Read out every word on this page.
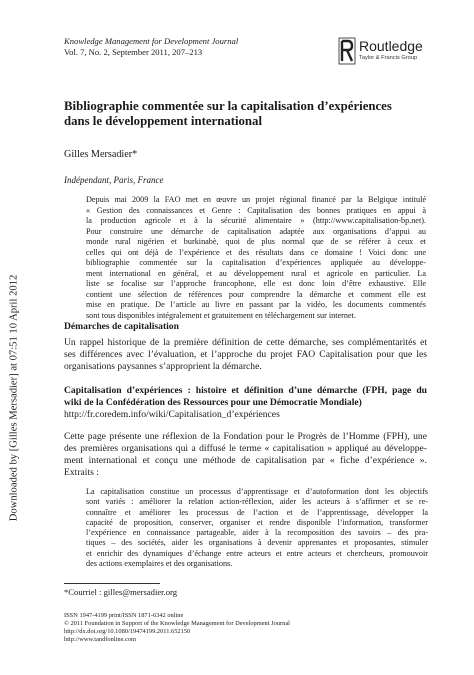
Downloaded by [Gilles Mersadier] at 07:51 10 April 2012
Knowledge Management for Development Journal
Vol. 7, No. 2, September 2011, 207–213	Routledge
Taylor & Francis Group
Bibliographie commentée sur la capitalisation d’expériences
dans le développement international
Gilles Mersadier*
Indépendant, Paris, France
Depuis mai 2009 la FAO met en œuvre un projet régional financé par la Belgique intitulé
« Gestion des connaissances et Genre : Capitalisation des bonnes pratiques en appui à
la production agricole et à la sécurité alimentaire » (http://www.capitalisation-bp.net).
Pour construire une démarche de capitalisation adaptée aux organisations d’appui au
monde rural nigérien et burkinabè, quoi de plus normal que de se référer à ceux et
celles qui ont déjà de l’expérience et des résultats dans ce domaine ! Voici donc une
bibliographie commentée sur la capitalisation d’expériences appliquée au développe-
ment international en général, et au développement rural et agricole en particulier. La
liste se focalise sur l’approche francophone, elle est donc loin d’être exhaustive. Elle
contient une sélection de références pour comprendre la démarche et comment elle est
mise en pratique. De l’article au livre en passant par la vidéo, les documents commentés
sont tous disponibles intégralement et gratuitement en téléchargement sur internet.
Démarches de capitalisation
Un rappel historique de la première définition de cette démarche, ses complémentarités et
ses différences avec l’évaluation, et l’approche du projet FAO Capitalisation pour que les
organisations paysannes s’approprient la démarche.
Capitalisation d’expériences : histoire et définition d’une démarche (FPH, page du
wiki de la Confédération des Ressources pour une Démocratie Mondiale)
http://fr.coredem.info/wiki/Capitalisation_d’expériences
Cette page présente une réflexion de la Fondation pour le Progrès de l’Homme (FPH), une
des premières organisations qui a diffusé le terme « capitalisation » appliqué au développe-
ment international et conçu une méthode de capitalisation par « fiche d’expérience ».
Extraits :
La capitalisation constitue un processus d’apprentissage et d’autoformation dont les objectifs
sont variés : améliorer la relation action-réflexion, aider les acteurs à s’affirmer et se re-
connaître et améliorer les processus de l’action et de l’apprentissage, développer la
capacité de proposition, conserver, organiser et rendre disponible l’information, transformer
l’expérience en connaissance partageable, aider à la recomposition des savoirs – des pra-
tiques – des sociétés, aider les organisations à devenir apprenantes et proposantes, stimuler
et enrichir des dynamiques d’échange entre acteurs et entre acteurs et chercheurs, promouvoir
des actions exemplaires et des organisations.
*Courriel : gilles@mersadier.org
ISSN 1947-4199 print/ISSN 1871-6342 online
© 2011 Foundation in Support of the Knowledge Management for Development Journal
http://dx.doi.org/10.1080/19474199.2011.652150
http://www.tandfonline.com
